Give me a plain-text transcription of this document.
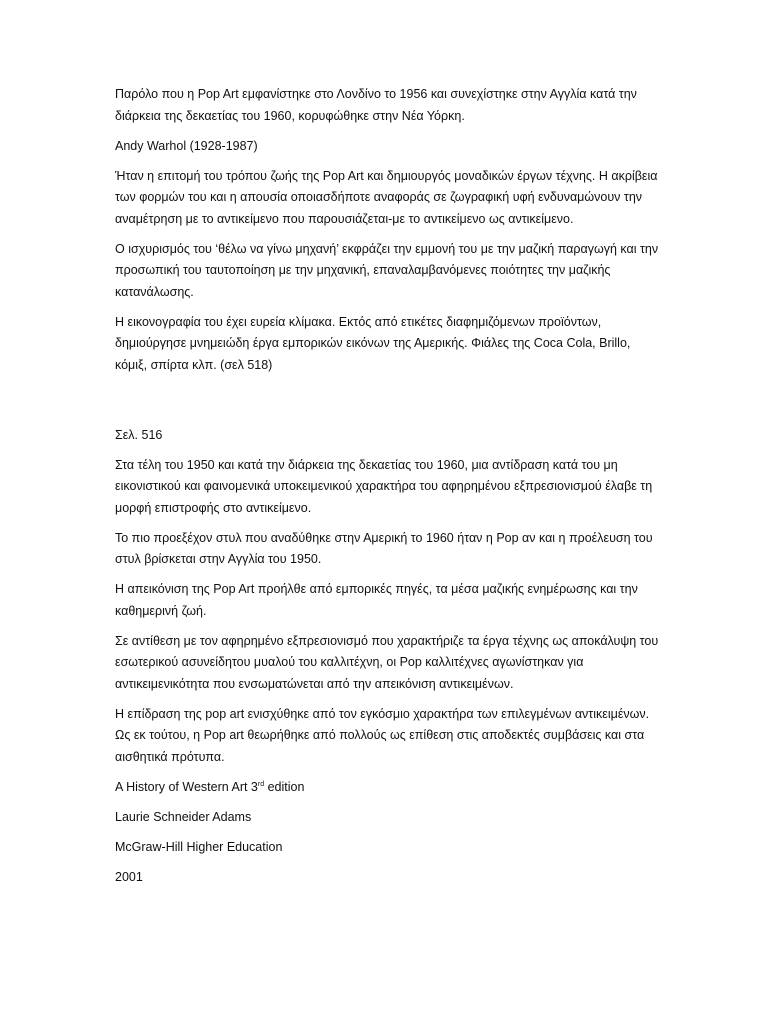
Παρόλο που η Pop Art εμφανίστηκε στο Λονδίνο το 1956 και συνεχίστηκε στην Αγγλία κατά την διάρκεια της δεκαετίας του 1960, κορυφώθηκε στην Νέα Υόρκη.

Andy Warhol (1928-1987)

Ήταν η επιτομή του τρόπου ζωής της Pop Art και δημιουργός μοναδικών έργων τέχνης. Η ακρίβεια των φορμών του και η απουσία οποιασδήποτε αναφοράς σε ζωγραφική υφή ενδυναμώνουν την αναμέτρηση με το αντικείμενο που παρουσιάζεται-με το αντικείμενο ως αντικείμενο.

Ο ισχυρισμός του ‘θέλω να γίνω μηχανή’ εκφράζει την εμμονή του με την μαζική παραγωγή και την προσωπική του ταυτοποίηση με την μηχανική, επαναλαμβανόμενες ποιότητες την μαζικής κατανάλωσης.

Η εικονογραφία του έχει ευρεία κλίμακα. Εκτός από ετικέτες διαφημιζόμενων προϊόντων, δημιούργησε μνημειώδη έργα εμπορικών εικόνων της Αμερικής. Φιάλες της Coca Cola, Brillo, κόμιξ, σπίρτα κλπ. (σελ 518)

Σελ. 516

Στα τέλη του 1950 και κατά την διάρκεια της δεκαετίας του 1960, μια αντίδραση κατά του μη εικονιστικού και φαινομενικά υποκειμενικού χαρακτήρα του αφηρημένου εξπρεσιονισμού έλαβε τη μορφή επιστροφής στο αντικείμενο.

Το πιο προεξέχον στυλ που αναδύθηκε στην Αμερική το 1960 ήταν η Pop αν και η προέλευση του στυλ βρίσκεται στην Αγγλία του 1950.

Η απεικόνιση της Pop Art προήλθε από εμπορικές πηγές, τα μέσα μαζικής ενημέρωσης και την καθημερινή ζωή.

Σε αντίθεση με τον αφηρημένο εξπρεσιονισμό που χαρακτήριζε τα έργα τέχνης ως αποκάλυψη του εσωτερικού ασυνείδητου μυαλού του καλλιτέχνη, οι Pop καλλιτέχνες αγωνίστηκαν για αντικειμενικότητα που ενσωματώνεται από την απεικόνιση αντικειμένων.

Η επίδραση της pop art ενισχύθηκε από τον εγκόσμιο χαρακτήρα των επιλεγμένων αντικειμένων. Ως εκ τούτου, η Pop art θεωρήθηκε από πολλούς ως επίθεση στις αποδεκτές συμβάσεις και στα αισθητικά πρότυπα.

A History of Western Art 3rd edition

Laurie Schneider Adams

McGraw-Hill Higher Education

2001
